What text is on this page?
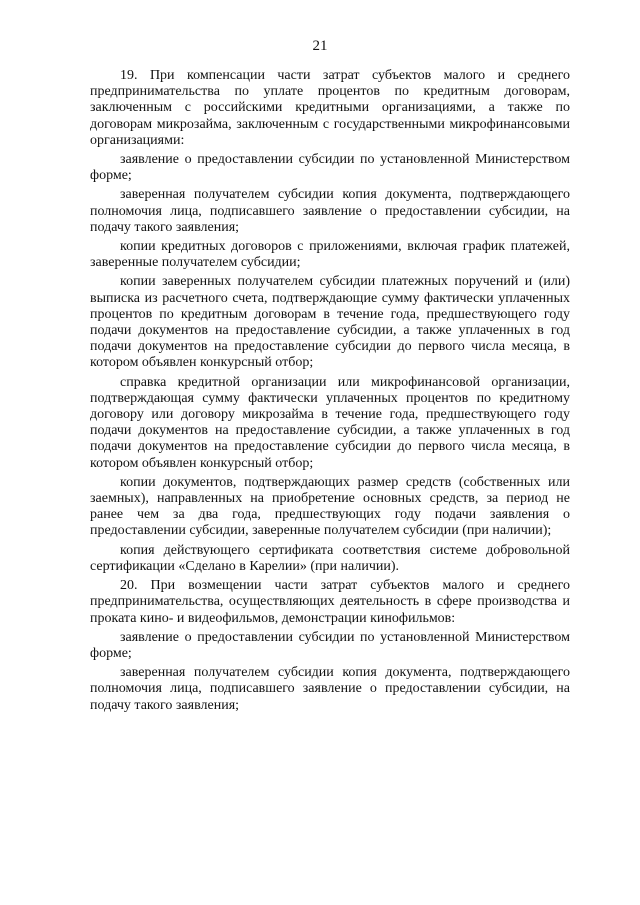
21

19. При компенсации части затрат субъектов малого и среднего предпринимательства по уплате процентов по кредитным договорам, заключенным с российскими кредитными организациями, а также по договорам микрозайма, заключенным с государственными микрофинансовыми организациями:

заявление о предоставлении субсидии по установленной Министерством форме;

заверенная получателем субсидии копия документа, подтверждающего полномочия лица, подписавшего заявление о предоставлении субсидии, на подачу такого заявления;

копии кредитных договоров с приложениями, включая график платежей, заверенные получателем субсидии;

копии заверенных получателем субсидии платежных поручений и (или) выписка из расчетного счета, подтверждающие сумму фактически уплаченных процентов по кредитным договорам в течение года, предшествующего году подачи документов на предоставление субсидии, а также уплаченных в год подачи документов на предоставление субсидии до первого числа месяца, в котором объявлен конкурсный отбор;

справка кредитной организации или микрофинансовой организации, подтверждающая сумму фактически уплаченных процентов по кредитному договору или договору микрозайма в течение года, предшествующего году подачи документов на предоставление субсидии, а также уплаченных в год подачи документов на предоставление субсидии до первого числа месяца, в котором объявлен конкурсный отбор;

копии документов, подтверждающих размер средств (собственных или заемных), направленных на приобретение основных средств, за период не ранее чем за два года, предшествующих году подачи заявления о предоставлении субсидии, заверенные получателем субсидии (при наличии);

копия действующего сертификата соответствия системе добровольной сертификации «Сделано в Карелии» (при наличии).

20. При возмещении части затрат субъектов малого и среднего предпринимательства, осуществляющих деятельность в сфере производства и проката кино- и видеофильмов, демонстрации кинофильмов:

заявление о предоставлении субсидии по установленной Министерством форме;

заверенная получателем субсидии копия документа, подтверждающего полномочия лица, подписавшего заявление о предоставлении субсидии, на подачу такого заявления;
